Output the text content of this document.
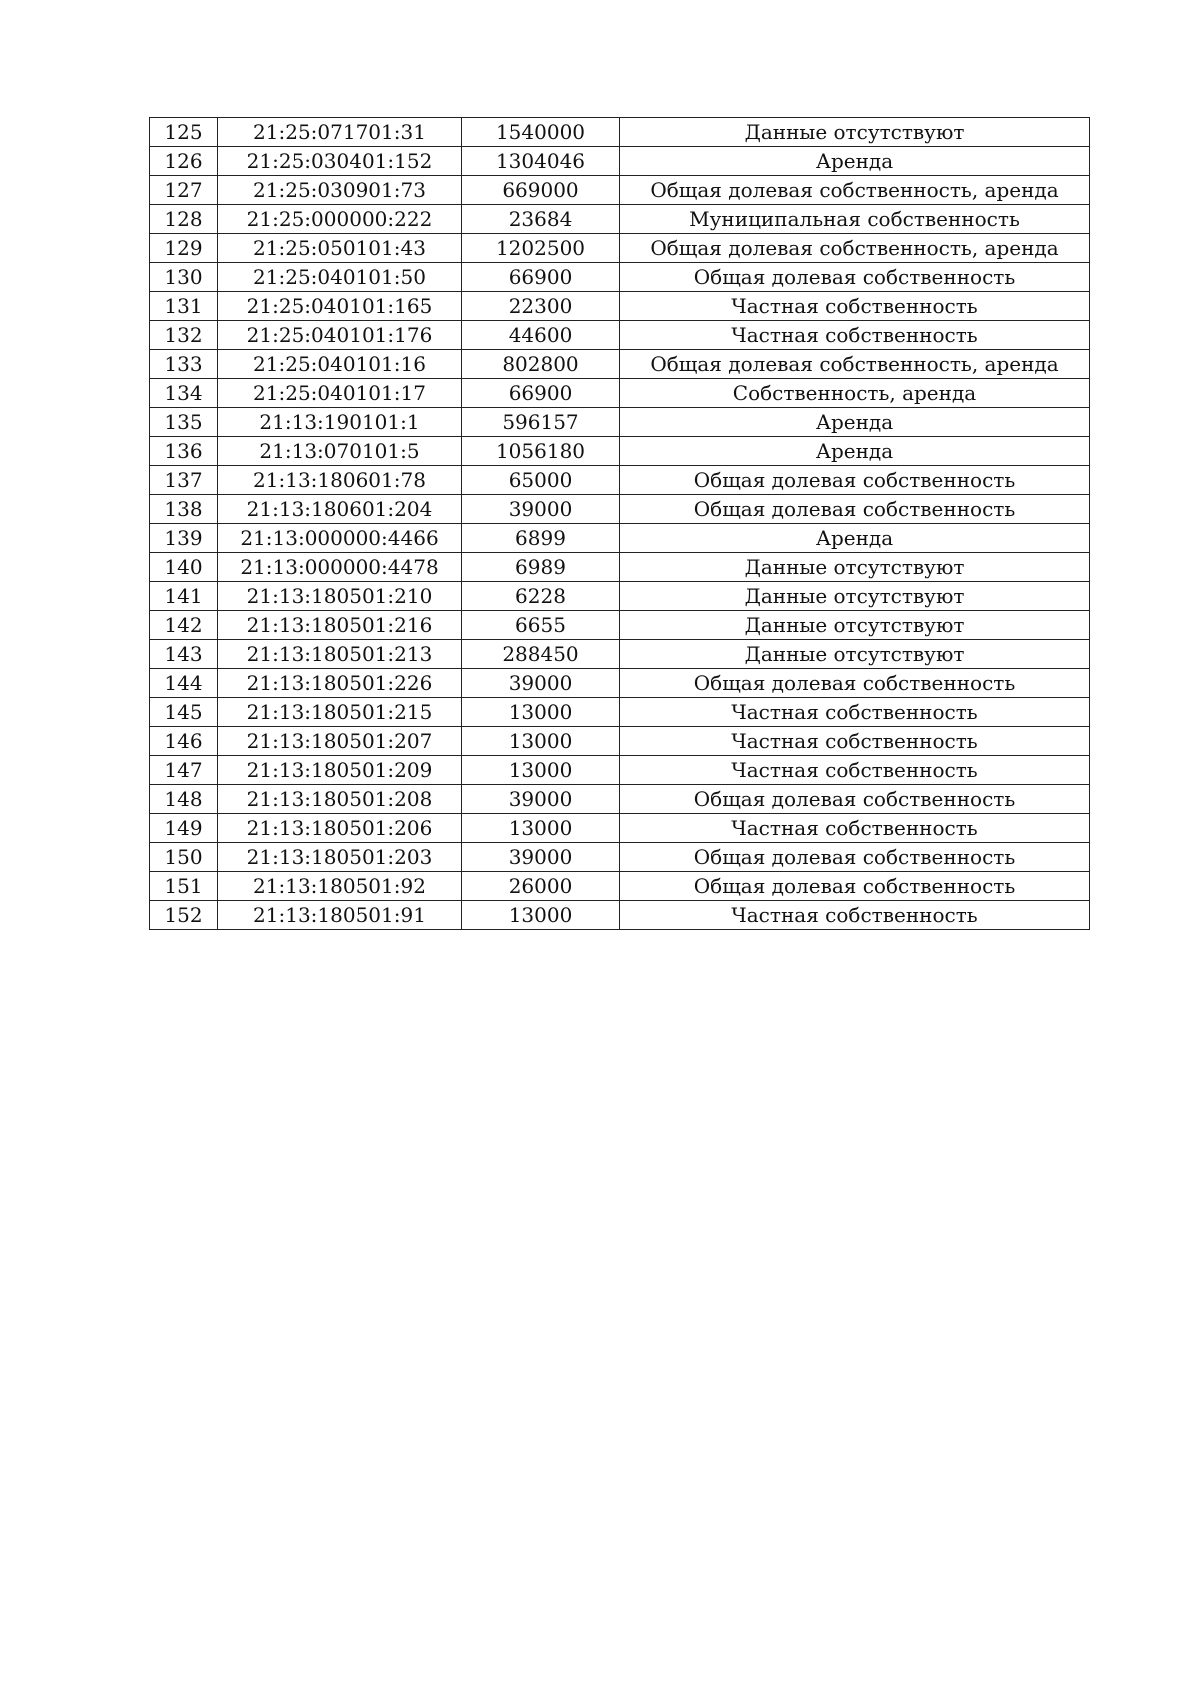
125	21:25:071701:31	1540000	Данные отсутствуют
126	21:25:030401:152	1304046	Аренда
127	21:25:030901:73	669000	Общая долевая собственность, аренда
128	21:25:000000:222	23684	Муниципальная собственность
129	21:25:050101:43	1202500	Общая долевая собственность, аренда
130	21:25:040101:50	66900	Общая долевая собственность
131	21:25:040101:165	22300	Частная собственность
132	21:25:040101:176	44600	Частная собственность
133	21:25:040101:16	802800	Общая долевая собственность, аренда
134	21:25:040101:17	66900	Собственность, аренда
135	21:13:190101:1	596157	Аренда
136	21:13:070101:5	1056180	Аренда
137	21:13:180601:78	65000	Общая долевая собственность
138	21:13:180601:204	39000	Общая долевая собственность
139	21:13:000000:4466	6899	Аренда
140	21:13:000000:4478	6989	Данные отсутствуют
141	21:13:180501:210	6228	Данные отсутствуют
142	21:13:180501:216	6655	Данные отсутствуют
143	21:13:180501:213	288450	Данные отсутствуют
144	21:13:180501:226	39000	Общая долевая собственность
145	21:13:180501:215	13000	Частная собственность
146	21:13:180501:207	13000	Частная собственность
147	21:13:180501:209	13000	Частная собственность
148	21:13:180501:208	39000	Общая долевая собственность
149	21:13:180501:206	13000	Частная собственность
150	21:13:180501:203	39000	Общая долевая собственность
151	21:13:180501:92	26000	Общая долевая собственность
152	21:13:180501:91	13000	Частная собственность
